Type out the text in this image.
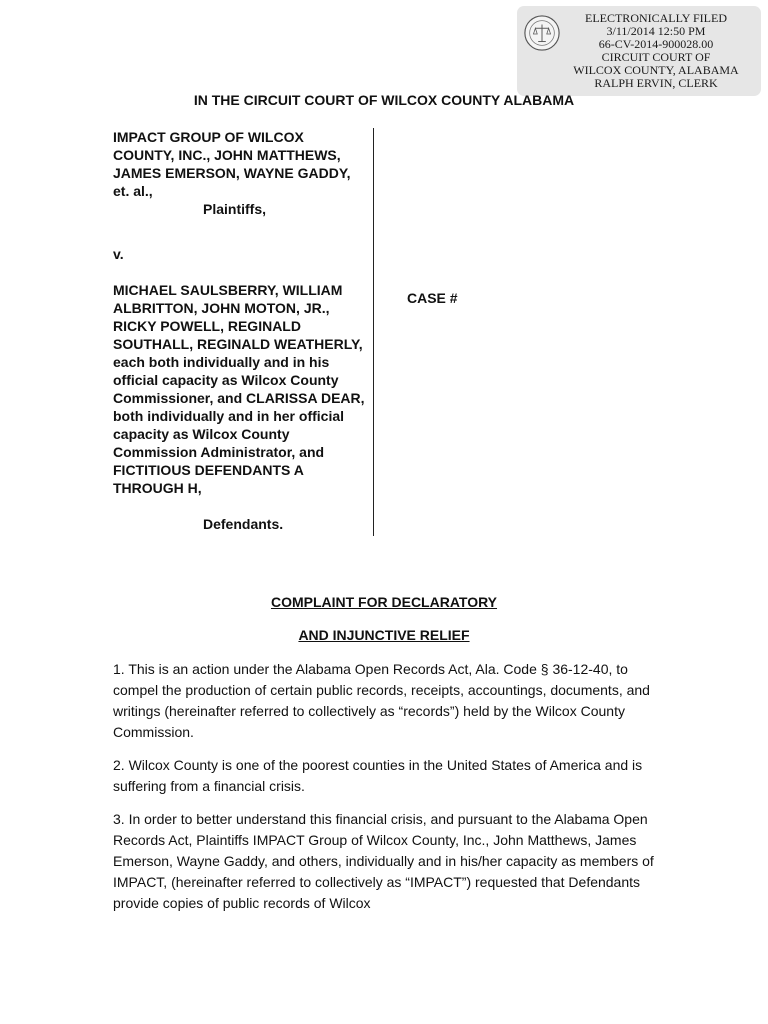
ELECTRONICALLY FILED
3/11/2014 12:50 PM
66-CV-2014-900028.00
CIRCUIT COURT OF
WILCOX COUNTY, ALABAMA
RALPH ERVIN, CLERK
IN THE CIRCUIT COURT OF WILCOX COUNTY ALABAMA

IMPACT GROUP OF WILCOX COUNTY, INC., JOHN MATTHEWS, JAMES EMERSON, WAYNE GADDY, et. al.,

Plaintiffs,

v.

MICHAEL SAULSBERRY, WILLIAM ALBRITTON, JOHN MOTON, JR., RICKY POWELL, REGINALD SOUTHALL, REGINALD WEATHERLY, each both individually and in his official capacity as Wilcox County Commissioner, and CLARISSA DEAR, both individually and in her official capacity as Wilcox County Commission Administrator, and FICTITIOUS DEFENDANTS A THROUGH H,

Defendants.

CASE #
COMPLAINT FOR DECLARATORY
AND INJUNCTIVE RELIEF

1. This is an action under the Alabama Open Records Act, Ala. Code § 36-12-40, to compel the production of certain public records, receipts, accountings, documents, and writings (hereinafter referred to collectively as “records”) held by the Wilcox County Commission.

2. Wilcox County is one of the poorest counties in the United States of America and is suffering from a financial crisis.

3. In order to better understand this financial crisis, and pursuant to the Alabama Open Records Act, Plaintiffs IMPACT Group of Wilcox County, Inc., John Matthews, James Emerson, Wayne Gaddy, and others, individually and in his/her capacity as members of IMPACT, (hereinafter referred to collectively as “IMPACT”) requested that Defendants provide copies of public records of Wilcox
